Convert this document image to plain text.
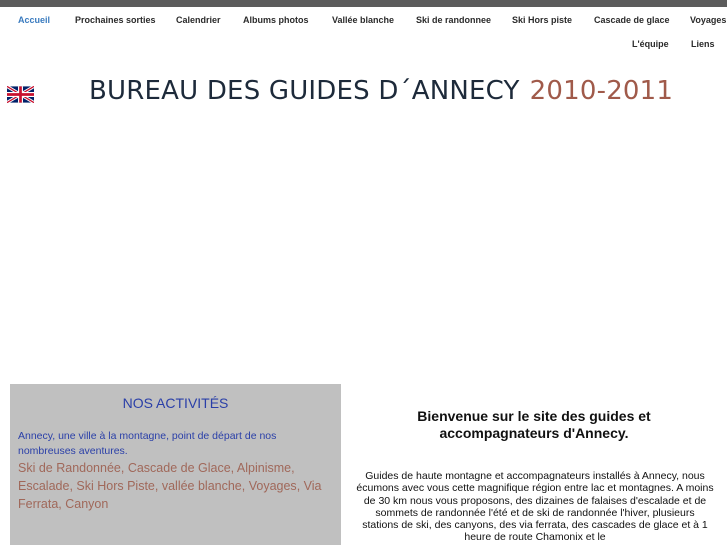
Accueil	Prochaines sorties Calendrier Albums photos	Vallée blanche Ski de randonnee Ski Hors piste Cascade de glace Voyages
L'équipe Liens
BUREAU DES GUIDES D´ANNECY 2010-2011
NOS ACTIVITÉS
Annecy, une ville à la montagne, point de départ de nos nombreuses aventures.
Ski de Randonnée, Cascade de Glace, Alpinisme, Escalade, Ski Hors Piste, vallée blanche, Voyages, Via Ferrata, Canyon
Bienvenue sur le site des guides et accompagnateurs d'Annecy.

Guides de haute montagne et accompagnateurs installés à Annecy, nous écumons avec vous cette magnifique région entre lac et montagnes. A moins de 30 km nous vous proposons, des dizaines de falaises d'escalade et de sommets de randonnée l'été et de ski de randonnée l'hiver, plusieurs stations de ski, des canyons, des via ferrata, des cascades de glace et à 1 heure de route Chamonix et le
